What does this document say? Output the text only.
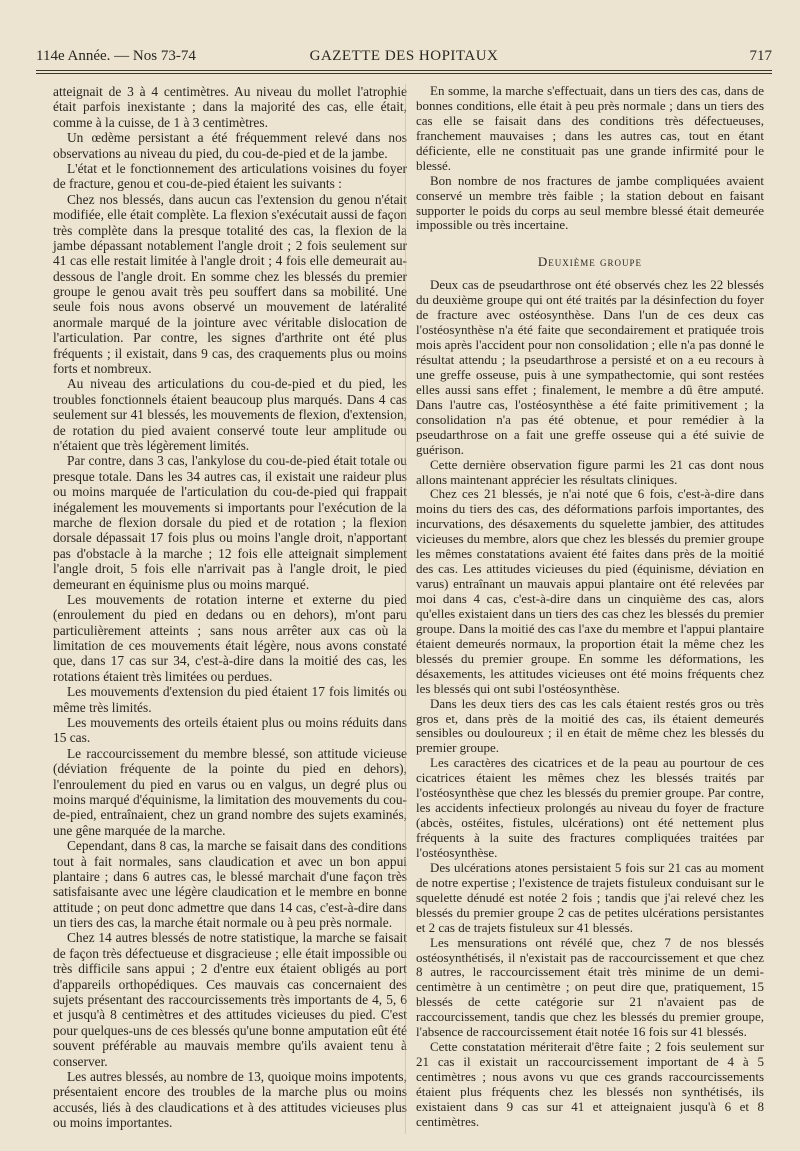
114e Année. — Nos 73-74	GAZETTE DES HOPITAUX	717

atteignait de 3 à 4 centimètres. Au niveau du mollet l'atrophie était parfois inexistante ; dans la majorité des cas, elle était, comme à la cuisse, de 1 à 3 centimètres.

Un œdème persistant a été fréquemment relevé dans nos observations au niveau du pied, du cou-de-pied et de la jambe.

L'état et le fonctionnement des articulations voisines du foyer de fracture, genou et cou-de-pied étaient les suivants :

Chez nos blessés, dans aucun cas l'extension du genou n'était modifiée, elle était complète. La flexion s'exécutait aussi de façon très complète dans la presque totalité des cas, la flexion de la jambe dépassant notablement l'angle droit ; 2 fois seulement sur 41 cas elle restait limitée à l'angle droit ; 4 fois elle demeurait au-dessous de l'angle droit. En somme chez les blessés du premier groupe le genou avait très peu souffert dans sa mobilité. Une seule fois nous avons observé un mouvement de latéralité anormale marqué de la jointure avec véritable dislocation de l'articulation. Par contre, les signes d'arthrite ont été plus fréquents ; il existait, dans 9 cas, des craquements plus ou moins forts et nombreux.

Au niveau des articulations du cou-de-pied et du pied, les troubles fonctionnels étaient beaucoup plus marqués. Dans 4 cas seulement sur 41 blessés, les mouvements de flexion, d'extension, de rotation du pied avaient conservé toute leur amplitude ou n'étaient que très légèrement limités.

Par contre, dans 3 cas, l'ankylose du cou-de-pied était totale ou presque totale. Dans les 34 autres cas, il existait une raideur plus ou moins marquée de l'articulation du cou-de-pied qui frappait inégalement les mouvements si importants pour l'exécution de la marche de flexion dorsale du pied et de rotation ; la flexion dorsale dépassait 17 fois plus ou moins l'angle droit, n'apportant pas d'obstacle à la marche ; 12 fois elle atteignait simplement l'angle droit, 5 fois elle n'arrivait pas à l'angle droit, le pied demeurant en équinisme plus ou moins marqué.

Les mouvements de rotation interne et externe du pied (enroulement du pied en dedans ou en dehors), m'ont paru particulièrement atteints ; sans nous arrêter aux cas où la limitation de ces mouvements était légère, nous avons constaté que, dans 17 cas sur 34, c'est-à-dire dans la moitié des cas, les rotations étaient très limitées ou perdues.

Les mouvements d'extension du pied étaient 17 fois limités ou même très limités.

Les mouvements des orteils étaient plus ou moins réduits dans 15 cas.

Le raccourcissement du membre blessé, son attitude vicieuse (déviation fréquente de la pointe du pied en dehors), l'enroulement du pied en varus ou en valgus, un degré plus ou moins marqué d'équinisme, la limitation des mouvements du cou-de-pied, entraînaient, chez un grand nombre des sujets examinés, une gêne marquée de la marche.

Cependant, dans 8 cas, la marche se faisait dans des conditions tout à fait normales, sans claudication et avec un bon appui plantaire ; dans 6 autres cas, le blessé marchait d'une façon très satisfaisante avec une légère claudication et le membre en bonne attitude ; on peut donc admettre que dans 14 cas, c'est-à-dire dans un tiers des cas, la marche était normale ou à peu près normale.

Chez 14 autres blessés de notre statistique, la marche se faisait de façon très défectueuse et disgracieuse ; elle était impossible ou très difficile sans appui ; 2 d'entre eux étaient obligés au port d'appareils orthopédiques. Ces mauvais cas concernaient des sujets présentant des raccourcissements très importants de 4, 5, 6 et jusqu'à 8 centimètres et des attitudes vicieuses du pied. C'est pour quelques-uns de ces blessés qu'une bonne amputation eût été souvent préférable au mauvais membre qu'ils avaient tenu à conserver.

Les autres blessés, au nombre de 13, quoique moins impotents, présentaient encore des troubles de la marche plus ou moins accusés, liés à des claudications et à des attitudes vicieuses plus ou moins importantes.

En somme, la marche s'effectuait, dans un tiers des cas, dans de bonnes conditions, elle était à peu près normale ; dans un tiers des cas elle se faisait dans des conditions très défectueuses, franchement mauvaises ; dans les autres cas, tout en étant déficiente, elle ne constituait pas une grande infirmité pour le blessé.

Bon nombre de nos fractures de jambe compliquées avaient conservé un membre très faible ; la station debout en faisant supporter le poids du corps au seul membre blessé était demeurée impossible ou très incertaine.

Deuxième groupe

Deux cas de pseudarthrose ont été observés chez les 22 blessés du deuxième groupe qui ont été traités par la désinfection du foyer de fracture avec ostéosynthèse. Dans l'un de ces deux cas l'ostéosynthèse n'a été faite que secondairement et pratiquée trois mois après l'accident pour non consolidation ; elle n'a pas donné le résultat attendu ; la pseudarthrose a persisté et on a eu recours à une greffe osseuse, puis à une sympathectomie, qui sont restées elles aussi sans effet ; finalement, le membre a dû être amputé. Dans l'autre cas, l'ostéosynthèse a été faite primitivement ; la consolidation n'a pas été obtenue, et pour remédier à la pseudarthrose on a fait une greffe osseuse qui a été suivie de guérison.

Cette dernière observation figure parmi les 21 cas dont nous allons maintenant apprécier les résultats cliniques.

Chez ces 21 blessés, je n'ai noté que 6 fois, c'est-à-dire dans moins du tiers des cas, des déformations parfois importantes, des incurvations, des désaxements du squelette jambier, des attitudes vicieuses du membre, alors que chez les blessés du premier groupe les mêmes constatations avaient été faites dans près de la moitié des cas. Les attitudes vicieuses du pied (équinisme, déviation en varus) entraînant un mauvais appui plantaire ont été relevées par moi dans 4 cas, c'est-à-dire dans un cinquième des cas, alors qu'elles existaient dans un tiers des cas chez les blessés du premier groupe. Dans la moitié des cas l'axe du membre et l'appui plantaire étaient demeurés normaux, la proportion était la même chez les blessés du premier groupe. En somme les déformations, les désaxements, les attitudes vicieuses ont été moins fréquents chez les blessés qui ont subi l'ostéosynthèse.

Dans les deux tiers des cas les cals étaient restés gros ou très gros et, dans près de la moitié des cas, ils étaient demeurés sensibles ou douloureux ; il en était de même chez les blessés du premier groupe.

Les caractères des cicatrices et de la peau au pourtour de ces cicatrices étaient les mêmes chez les blessés traités par l'ostéosynthèse que chez les blessés du premier groupe. Par contre, les accidents infectieux prolongés au niveau du foyer de fracture (abcès, ostéites, fistules, ulcérations) ont été nettement plus fréquents à la suite des fractures compliquées traitées par l'ostéosynthèse.

Des ulcérations atones persistaient 5 fois sur 21 cas au moment de notre expertise ; l'existence de trajets fistuleux conduisant sur le squelette dénudé est notée 2 fois ; tandis que j'ai relevé chez les blessés du premier groupe 2 cas de petites ulcérations persistantes et 2 cas de trajets fistuleux sur 41 blessés.

Les mensurations ont révélé que, chez 7 de nos blessés ostéosynthétisés, il n'existait pas de raccourcissement et que chez 8 autres, le raccourcissement était très minime de un demi-centimètre à un centimètre ; on peut dire que, pratiquement, 15 blessés de cette catégorie sur 21 n'avaient pas de raccourcissement, tandis que chez les blessés du premier groupe, l'absence de raccourcissement était notée 16 fois sur 41 blessés.

Cette constatation mériterait d'être faite ; 2 fois seulement sur 21 cas il existait un raccourcissement important de 4 à 5 centimètres ; nous avons vu que ces grands raccourcissements étaient plus fréquents chez les blessés non synthétisés, ils existaient dans 9 cas sur 41 et atteignaient jusqu'à 6 et 8 centimètres.
